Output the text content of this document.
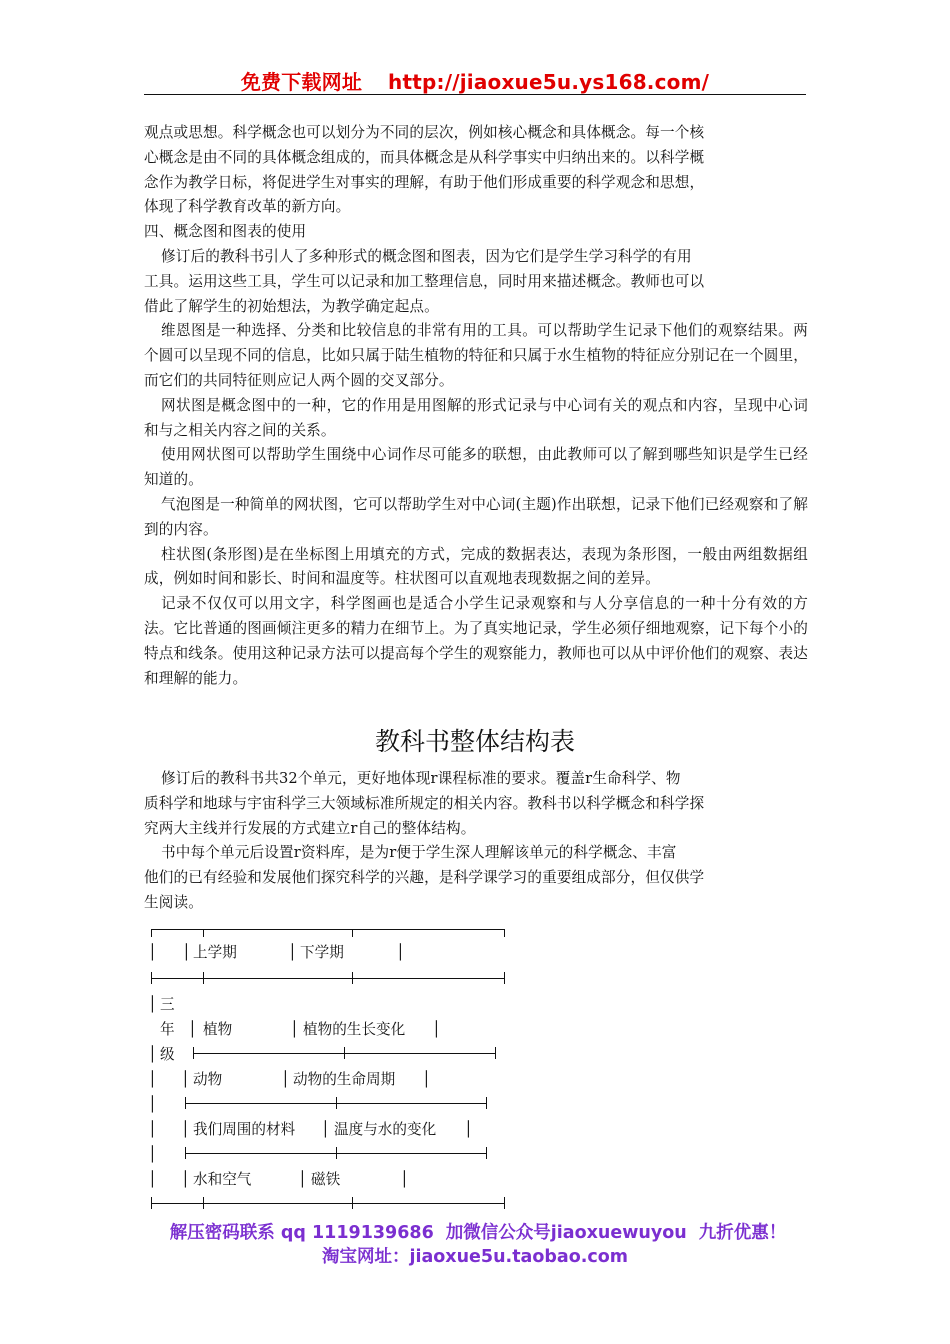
免费下载网址 http://jiaoxue5u.ys168.com/

观点或思想。科学概念也可以划分为不同的层次，例如核心概念和具体概念。每一个核

心概念是由不同的具体概念组成的，而具体概念是从科学事实中归纳出来的。以科学概

念作为教学日标，将促进学生对事实的理解，有助于他们形成重要的科学观念和思想，

体现了科学教育改革的新方向。

四、概念图和图表的使用

修订后的教科书引人了多种形式的概念图和图表，因为它们是学生学习科学的有用

工具。运用这些工具，学生可以记录和加工整理信息，同时用来描述概念。教师也可以

借此了解学生的初始想法，为教学确定起点。

维恩图是一种选择、分类和比较信息的非常有用的工具。可以帮助学生记录下他们的观察结果。两个圆可以呈现不同的信息，比如只属于陆生植物的特征和只属于水生植物的特征应分别记在一个圆里，而它们的共同特征则应记人两个圆的交叉部分。

网状图是概念图中的一种，它的作用是用图解的形式记录与中心词有关的观点和内容，呈现中心词和与之相关内容之间的关系。

使用网状图可以帮助学生围绕中心词作尽可能多的联想，由此教师可以了解到哪些知识是学生已经知道的。

气泡图是一种简单的网状图，它可以帮助学生对中心词(主题)作出联想，记录下他们已经观察和了解到的内容。

柱状图(条形图)是在坐标图上用填充的方式，完成的数据表达，表现为条形图，一般由两组数据组成，例如时间和影长、时间和温度等。柱状图可以直观地表现数据之间的差异。

记录不仅仅可以用文字，科学图画也是适合小学生记录观察和与人分享信息的一种十分有效的方法。它比普通的图画倾注更多的精力在细节上。为了真实地记录，学生必须仔细地观察，记下每个小的特点和线条。使用这种记录方法可以提高每个学生的观察能力，教师也可以从中评价他们的观察、表达和理解的能力。

教科书整体结构表

修订后的教科书共32个单元，更好地体现r课程标准的要求。覆盖r生命科学、物

质科学和地球与宇宙科学三大领域标准所规定的相关内容。教科书以科学概念和科学探

究两大主线并行发展的方式建立r自己的整体结构。

书中每个单元后设置r资料库，是为r便于学生深人理解该单元的科学概念、丰富

他们的已有经验和发展他们探究科学的兴趣，是科学课学习的重要组成部分，但仅供学

生阅读。

│ │ 上学期	│ 下学期	│
│ 三
年
│ 级
│
│
│
│
│
│ 植物	│ 植物的生长变化 │
│ 动物	│ 动物的生命周期 │
│ 我们周围的材料 │ 温度与水的变化 │
│ 水和空气	│ 磁铁	│
解压密码联系 qq 1119139686 加微信公众号jiaoxuewuyou 九折优惠！
淘宝网址：jiaoxue5u.taobao.com
